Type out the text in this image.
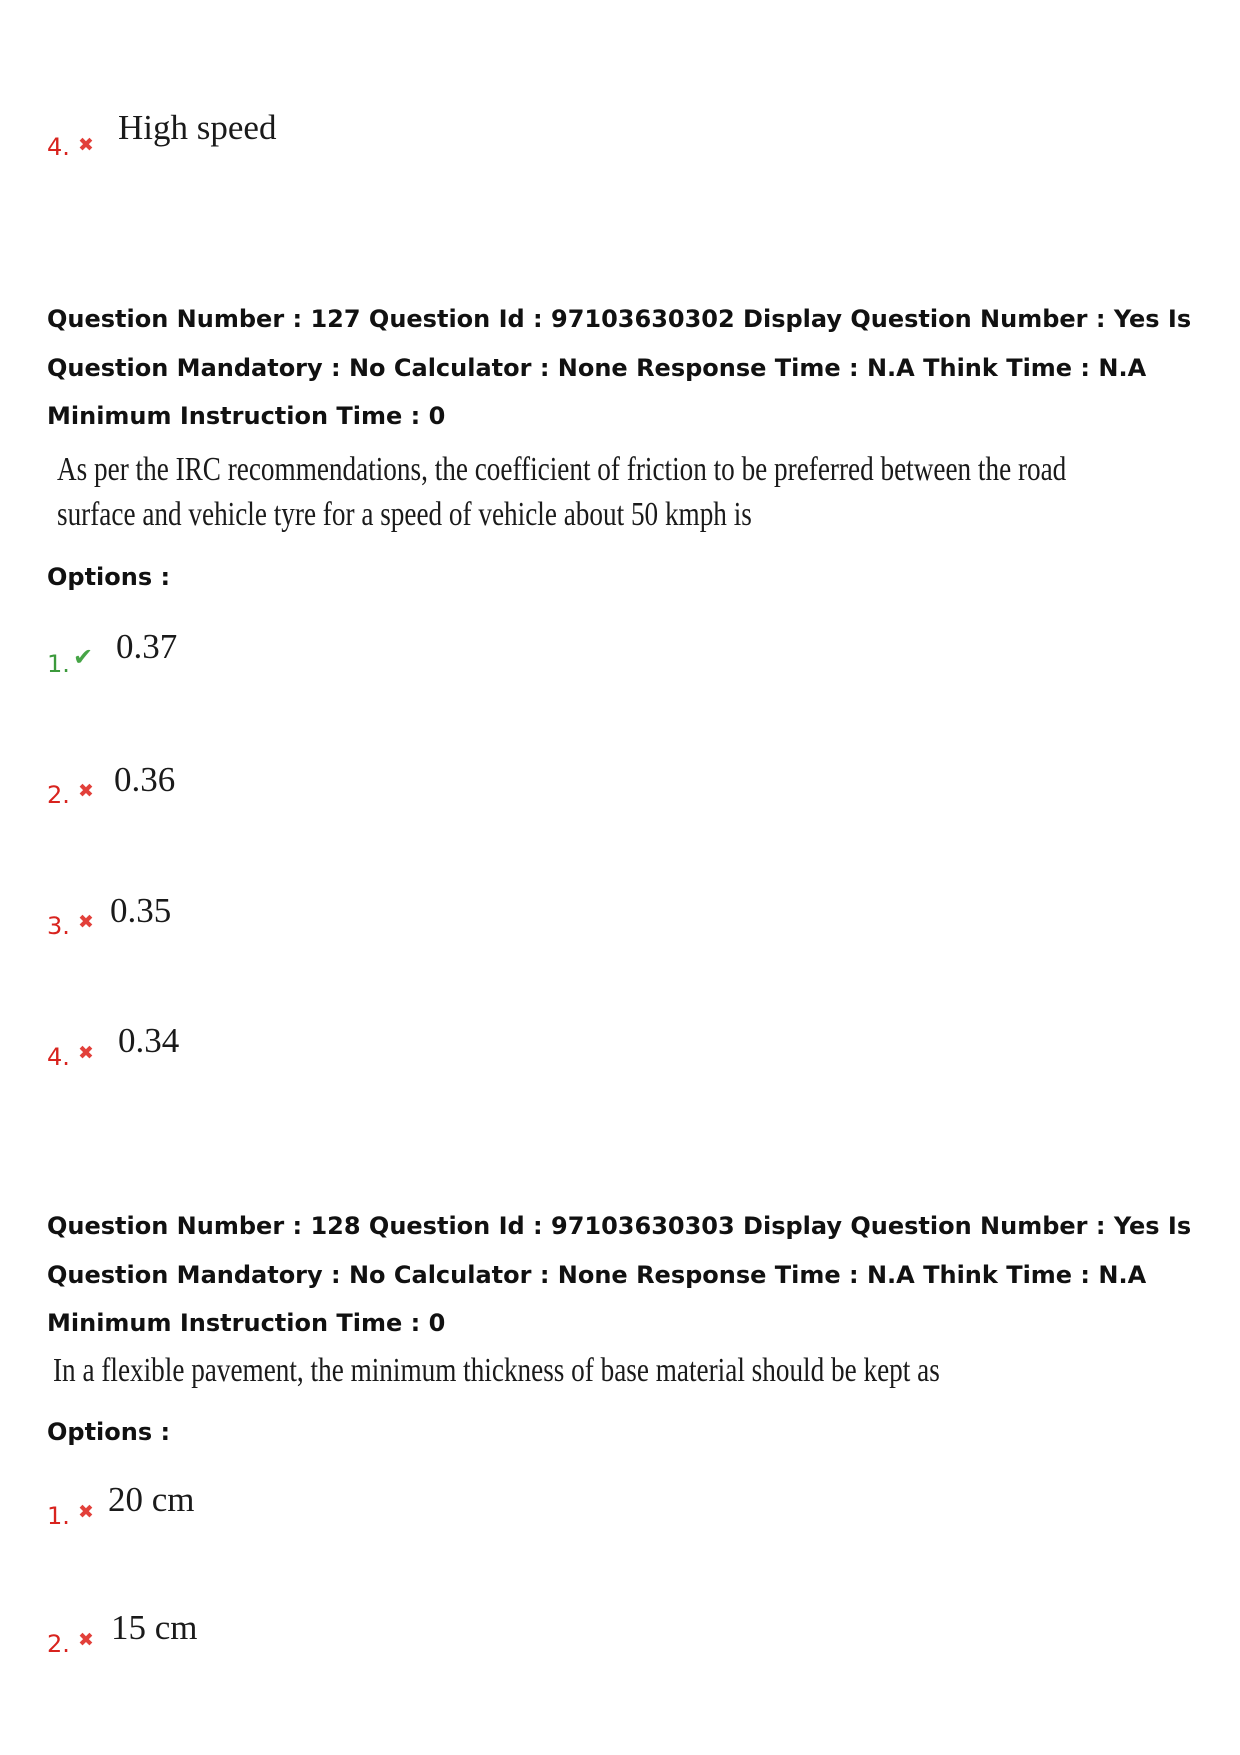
4. ✖ High speed
Question Number : 127 Question Id : 97103630302 Display Question Number : Yes Is Question Mandatory : No Calculator : None Response Time : N.A Think Time : N.A Minimum Instruction Time : 0
As per the IRC recommendations, the coefficient of friction to be preferred between the road
surface and vehicle tyre for a speed of vehicle about 50 kmph is
Options :
1. ✔ 0.37
2. ✖ 0.36
3. ✖ 0.35
4. ✖ 0.34
Question Number : 128 Question Id : 97103630303 Display Question Number : Yes Is Question Mandatory : No Calculator : None Response Time : N.A Think Time : N.A Minimum Instruction Time : 0
In a flexible pavement, the minimum thickness of base material should be kept as
Options :
1. ✖ 20 cm
2. ✖ 15 cm
